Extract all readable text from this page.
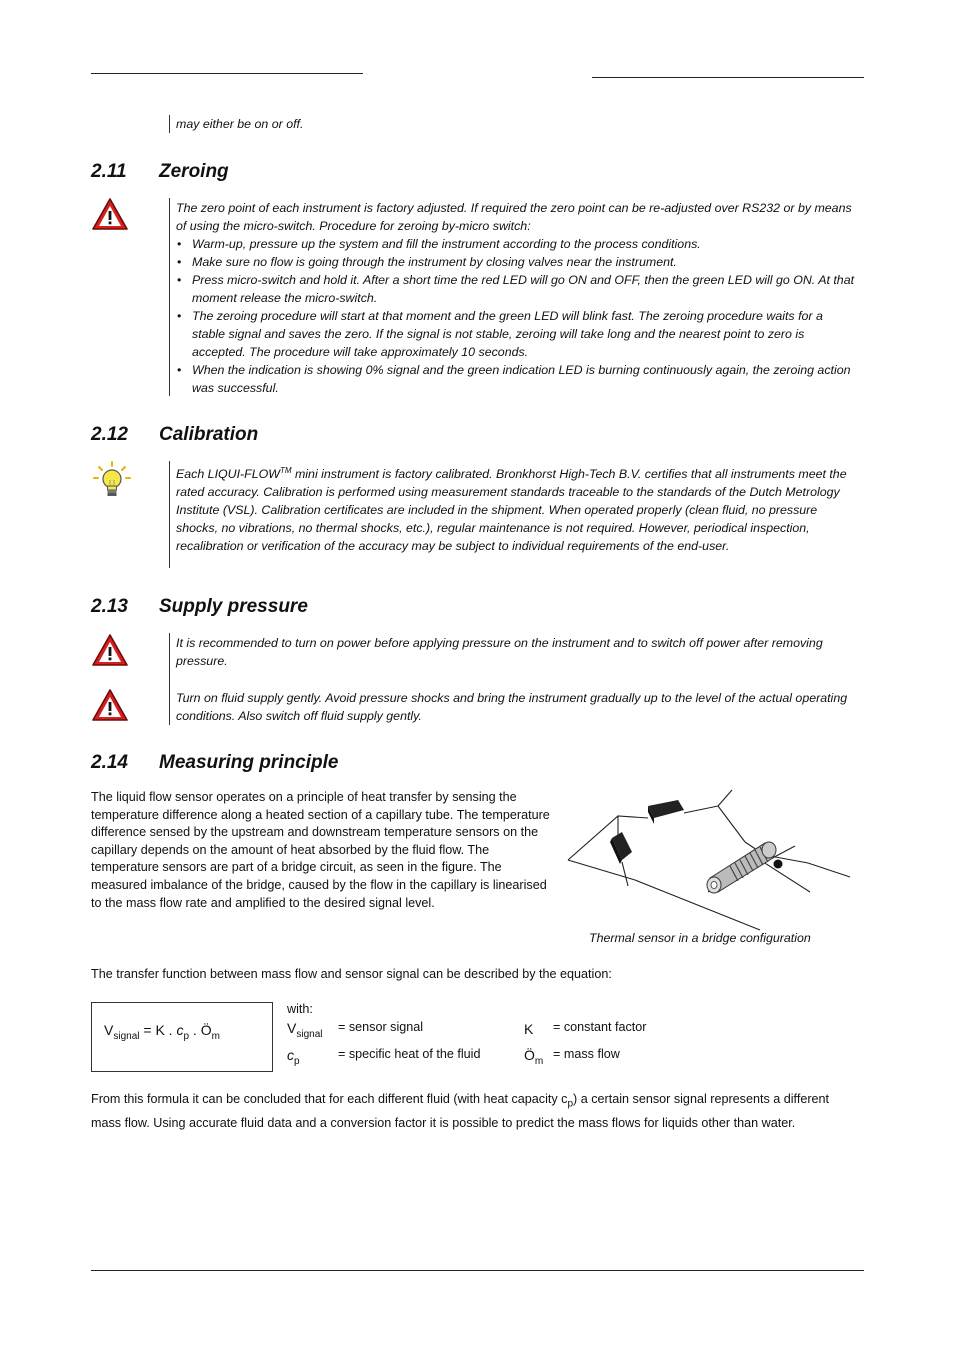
may either be on or off.
2.11 Zeroing
The zero point of each instrument is factory adjusted. If required the zero point can be re-adjusted over RS232 or by means of using the micro-switch. Procedure for zeroing by-micro switch:
• Warm-up, pressure up the system and fill the instrument according to the process conditions.
• Make sure no flow is going through the instrument by closing valves near the instrument.
• Press micro-switch and hold it. After a short time the red LED will go ON and OFF, then the green LED will go ON. At that moment release the micro-switch.
• The zeroing procedure will start at that moment and the green LED will blink fast. The zeroing procedure waits for a stable signal and saves the zero. If the signal is not stable, zeroing will take long and the nearest point to zero is accepted. The procedure will take approximately 10 seconds.
• When the indication is showing 0% signal and the green indication LED is burning continuously again, the zeroing action was successful.
2.12 Calibration
Each LIQUI-FLOW™ mini instrument is factory calibrated. Bronkhorst High-Tech B.V. certifies that all instruments meet the rated accuracy. Calibration is performed using measurement standards traceable to the standards of the Dutch Metrology Institute (VSL). Calibration certificates are included in the shipment. When operated properly (clean fluid, no pressure shocks, no vibrations, no thermal shocks, etc.), regular maintenance is not required. However, periodical inspection, recalibration or verification of the accuracy may be subject to individual requirements of the end-user.
2.13 Supply pressure
It is recommended to turn on power before applying pressure on the instrument and to switch off power after removing pressure.
Turn on fluid supply gently. Avoid pressure shocks and bring the instrument gradually up to the level of the actual operating conditions. Also switch off fluid supply gently.
2.14 Measuring principle
The liquid flow sensor operates on a principle of heat transfer by sensing the temperature difference along a heated section of a capillary tube. The temperature difference sensed by the upstream and downstream temperature sensors on the capillary depends on the amount of heat absorbed by the fluid flow. The temperature sensors are part of a bridge circuit, as seen in the figure. The measured imbalance of the bridge, caused by the flow in the capillary is linearised to the mass flow rate and amplified to the desired signal level.
Thermal sensor in a bridge configuration
The transfer function between mass flow and sensor signal can be described by the equation:
$V_{signal} = K$ . $c_p$ . $Ö_m$
with:
$V_{signal}$
= sensor signal	K = constant factor
$c_p$
= specific heat of the fluid	$Ö_m$
= mass flow
From this formula it can be concluded that for each different fluid (with heat capacity $c_p$) a certain sensor signal represents a different mass flow. Using accurate fluid data and a conversion factor it is possible to predict the mass flows for liquids other than water.
